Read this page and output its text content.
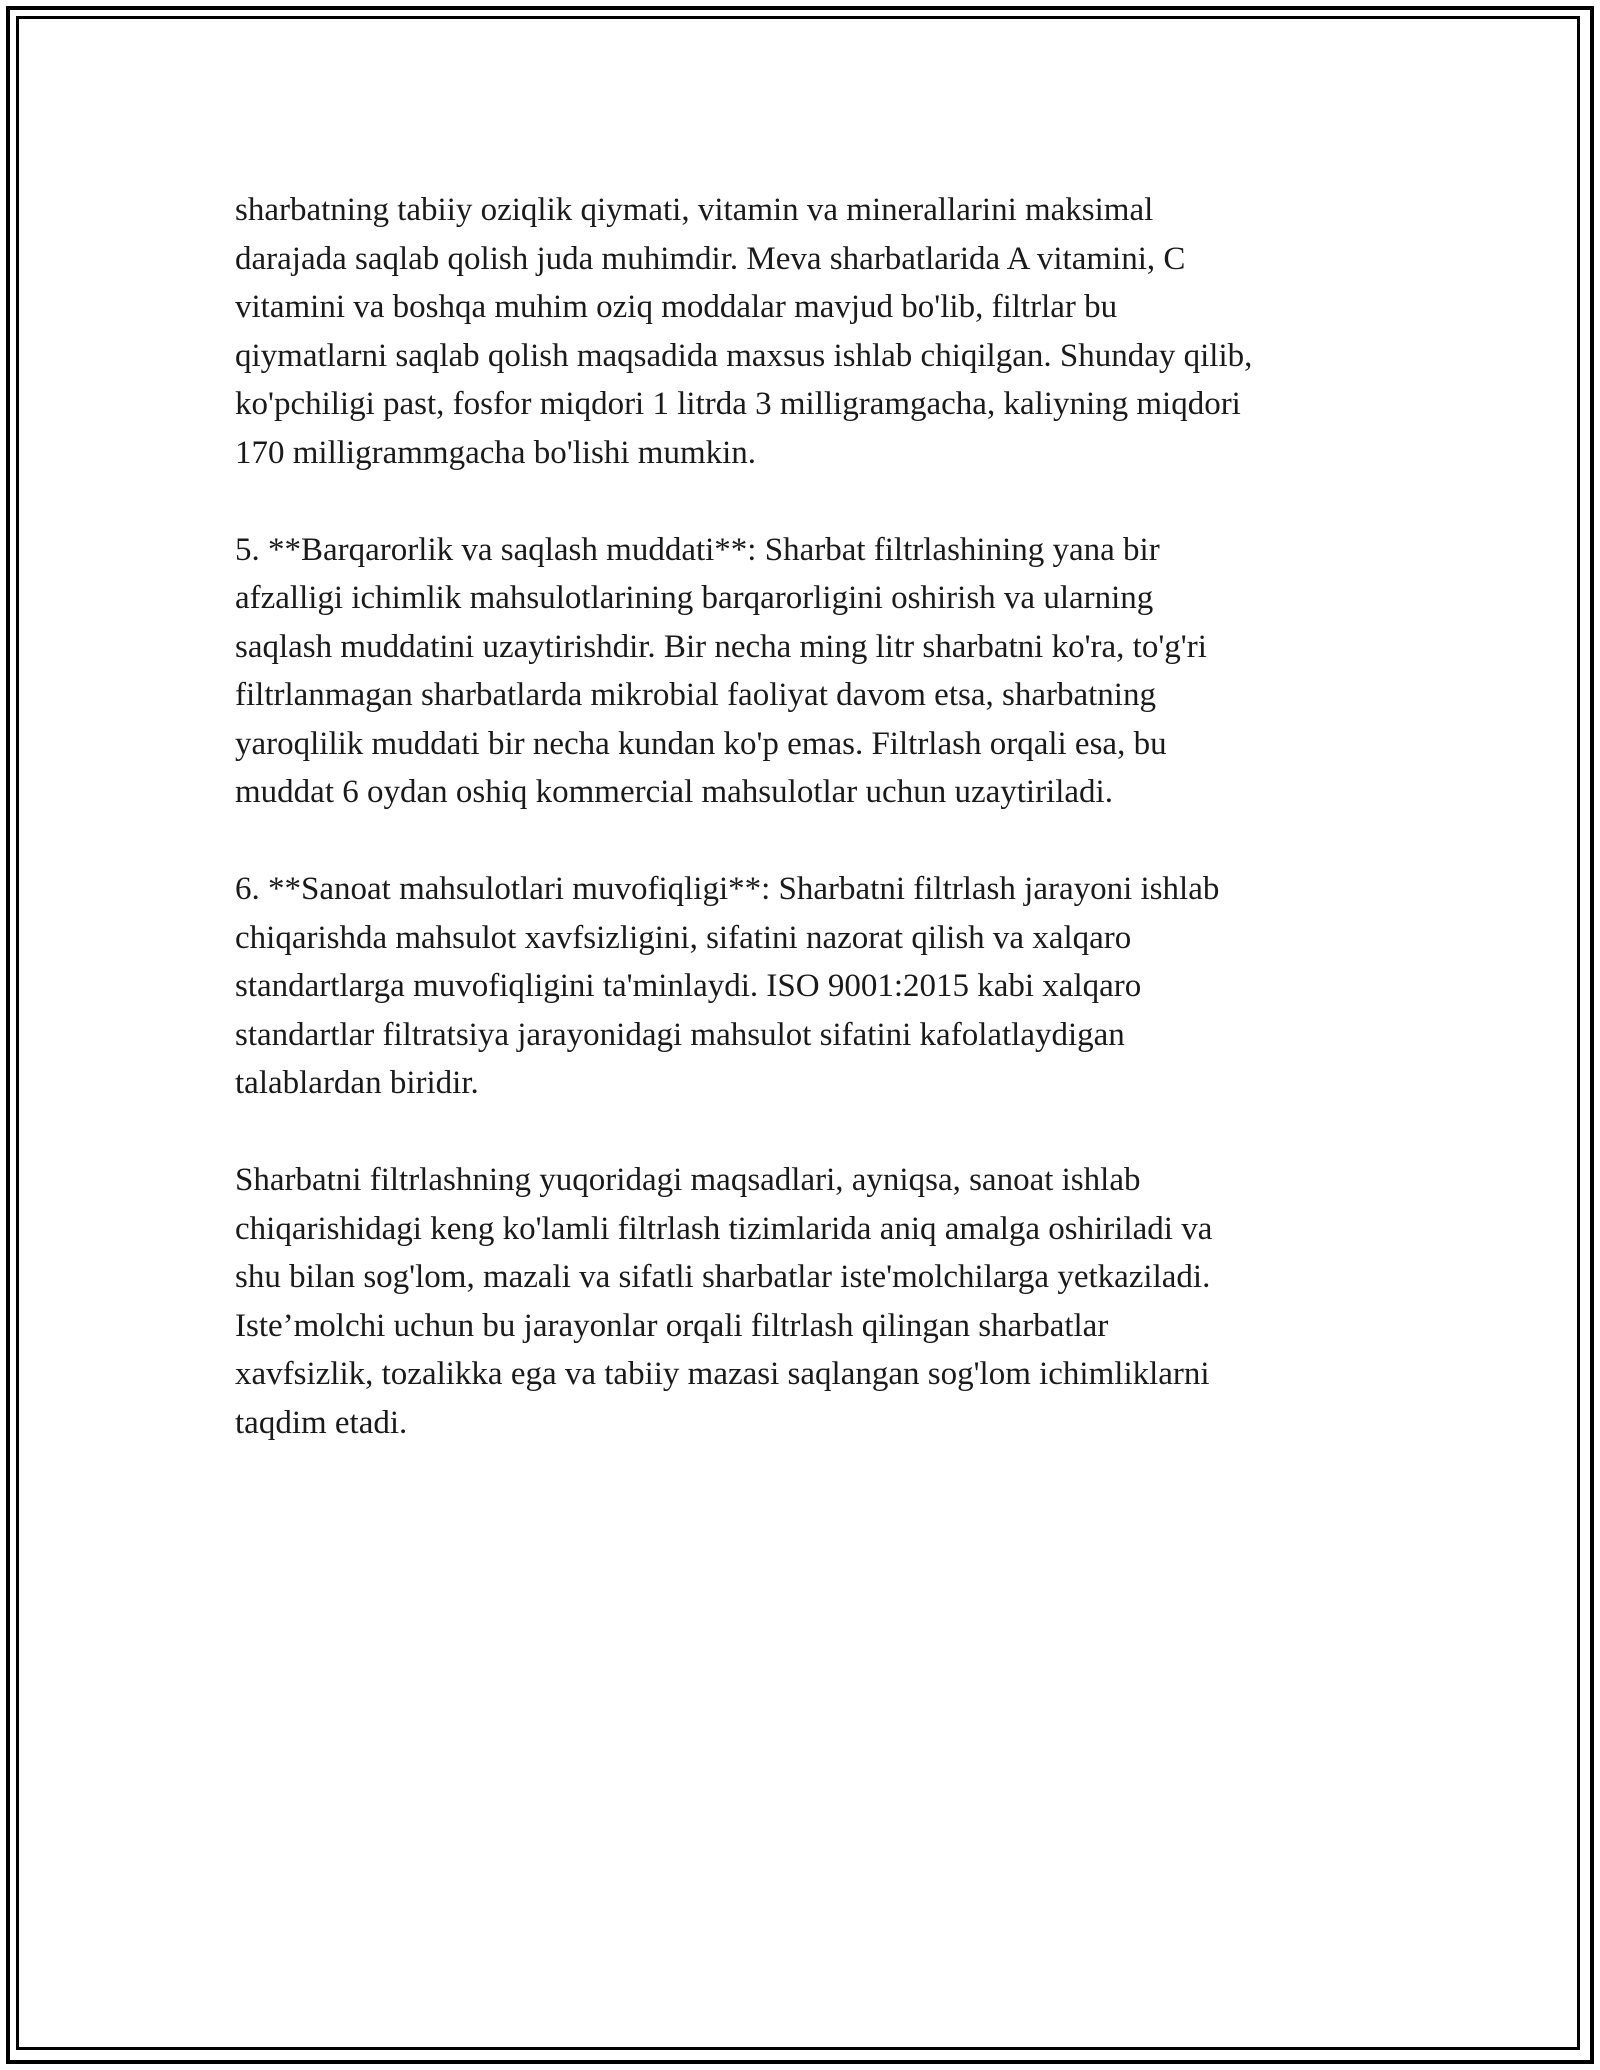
sharbatning tabiiy oziqlik qiymati, vitamin va minerallarini maksimal
darajada saqlab qolish juda muhimdir. Meva sharbatlarida A vitamini, C
vitamini va boshqa muhim oziq moddalar mavjud bo'lib, filtrlar bu
qiymatlarni saqlab qolish maqsadida maxsus ishlab chiqilgan. Shunday qilib,
ko'pchiligi past, fosfor miqdori 1 litrda 3 milligramgacha, kaliyning miqdori
170 milligrammgacha bo'lishi mumkin.

5. **Barqarorlik va saqlash muddati**: Sharbat filtrlashining yana bir
afzalligi ichimlik mahsulotlarining barqarorligini oshirish va ularning
saqlash muddatini uzaytirishdir. Bir necha ming litr sharbatni ko'ra, to'g'ri
filtrlanmagan sharbatlarda mikrobial faoliyat davom etsa, sharbatning
yaroqlilik muddati bir necha kundan ko'p emas. Filtrlash orqali esa, bu
muddat 6 oydan oshiq kommercial mahsulotlar uchun uzaytiriladi.

6. **Sanoat mahsulotlari muvofiqligi**: Sharbatni filtrlash jarayoni ishlab
chiqarishda mahsulot xavfsizligini, sifatini nazorat qilish va xalqaro
standartlarga muvofiqligini ta'minlaydi. ISO 9001:2015 kabi xalqaro
standartlar filtratsiya jarayonidagi mahsulot sifatini kafolatlaydigan
talablardan biridir.

Sharbatni filtrlashning yuqoridagi maqsadlari, ayniqsa, sanoat ishlab
chiqarishidagi keng ko'lamli filtrlash tizimlarida aniq amalga oshiriladi va
shu bilan sog'lom, mazali va sifatli sharbatlar iste'molchilarga yetkaziladi.
Iste’molchi uchun bu jarayonlar orqali filtrlash qilingan sharbatlar
xavfsizlik, tozalikka ega va tabiiy mazasi saqlangan sog'lom ichimliklarni
taqdim etadi.
